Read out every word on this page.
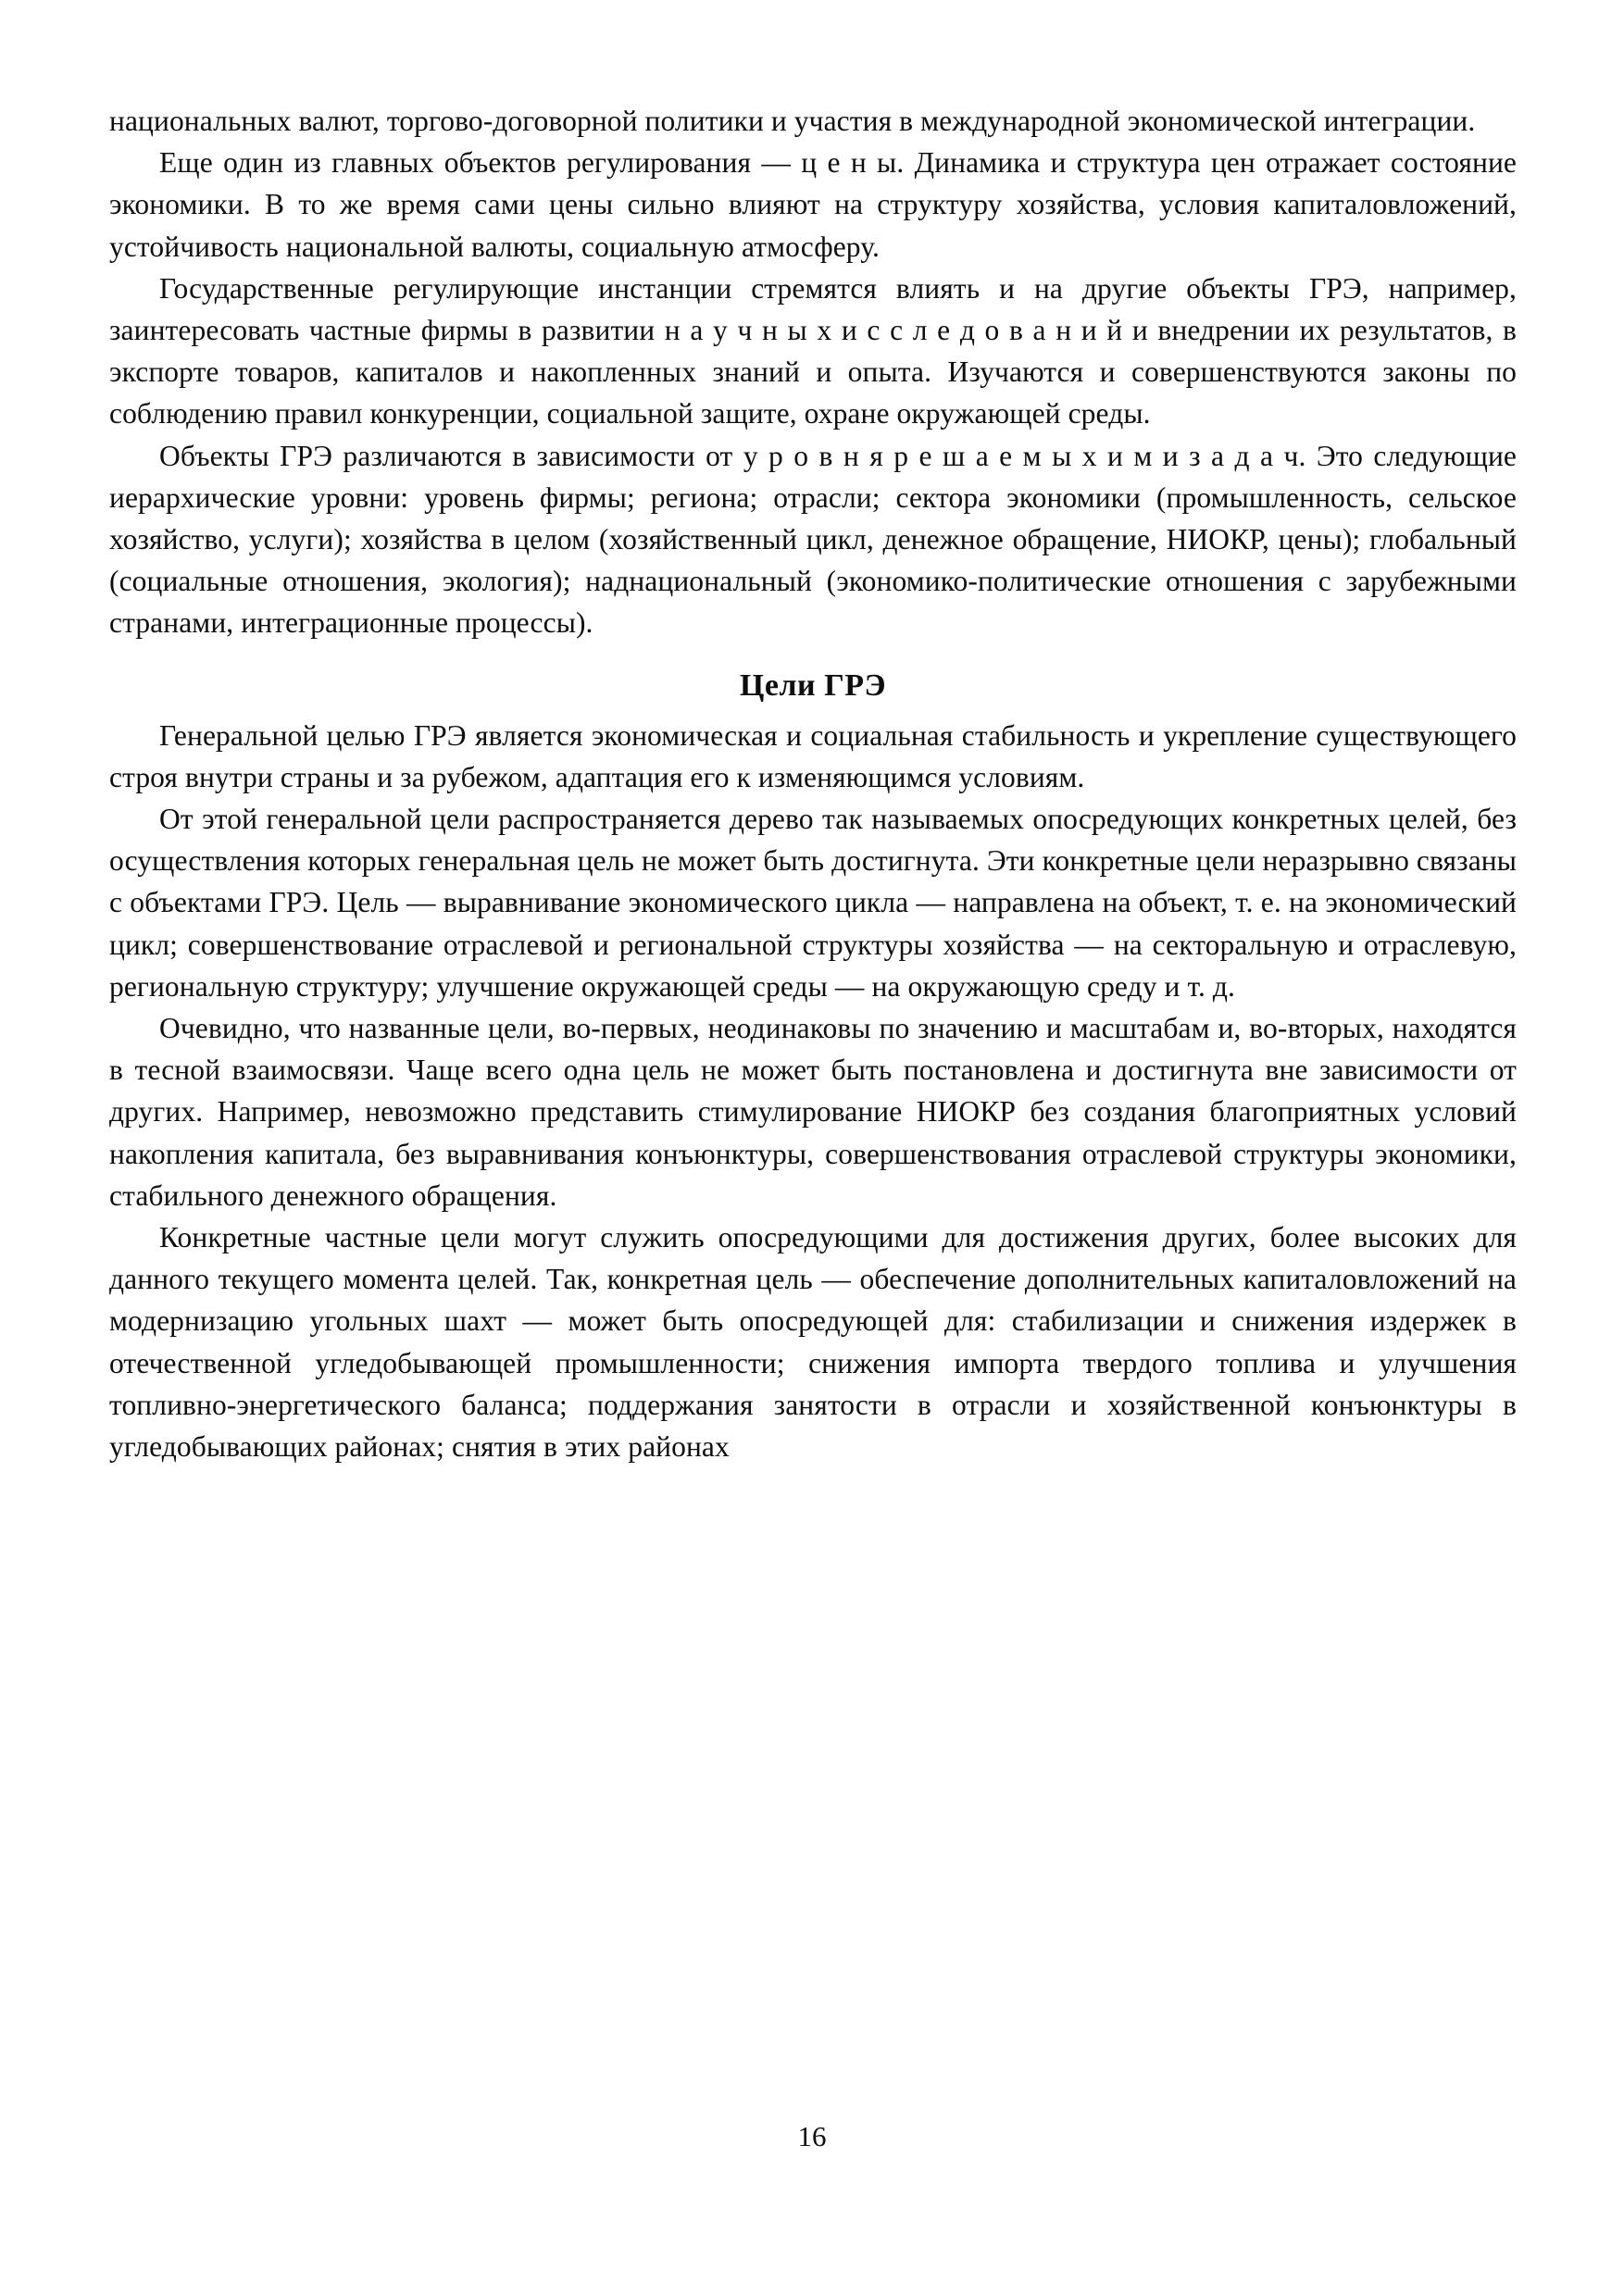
национальных валют, торгово-договорной политики и участия в международной экономической интеграции.

Еще один из главных объектов регулирования — ц е н ы. Динамика и структура цен отражает состояние экономики. В то же время сами цены сильно влияют на структуру хозяйства, условия капиталовложений, устойчивость национальной валюты, социальную атмосферу.

Государственные регулирующие инстанции стремятся влиять и на другие объекты ГРЭ, например, заинтересовать частные фирмы в развитии н а у ч н ы х и с с л е д о в а н и й и внедрении их результатов, в экспорте товаров, капиталов и накопленных знаний и опыта. Изучаются и совершенствуются законы по соблюдению правил конкуренции, социальной защите, охране окружающей среды.

Объекты ГРЭ различаются в зависимости от у р о в н я р е ш а е м ы х и м и з а д а ч. Это следующие иерархические уровни: уровень фирмы; региона; отрасли; сектора экономики (промышленность, сельское хозяйство, услуги); хозяйства в целом (хозяйственный цикл, денежное обращение, НИОКР, цены); глобальный (социальные отношения, экология); наднациональный (экономико-политические отношения с зарубежными странами, интеграционные процессы).

Цели ГРЭ

Генеральной целью ГРЭ является экономическая и социальная стабильность и укрепление существующего строя внутри страны и за рубежом, адаптация его к изменяющимся условиям.

От этой генеральной цели распространяется дерево так называемых опосредующих конкретных целей, без осуществления которых генеральная цель не может быть достигнута. Эти конкретные цели неразрывно связаны с объектами ГРЭ. Цель — выравнивание экономического цикла — направлена на объект, т. е. на экономический цикл; совершенствование отраслевой и региональной структуры хозяйства — на секторальную и отраслевую, региональную структуру; улучшение окружающей среды — на окружающую среду и т. д.

Очевидно, что названные цели, во-первых, неодинаковы по значению и масштабам и, во-вторых, находятся в тесной взаимосвязи. Чаще всего одна цель не может быть постановлена и достигнута вне зависимости от других. Например, невозможно представить стимулирование НИОКР без создания благоприятных условий накопления капитала, без выравнивания конъюнктуры, совершенствования отраслевой структуры экономики, стабильного денежного обращения.

Конкретные частные цели могут служить опосредующими для достижения других, более высоких для данного текущего момента целей. Так, конкретная цель — обеспечение дополнительных капиталовложений на модернизацию угольных шахт — может быть опосредующей для: стабилизации и снижения издержек в отечественной угледобывающей промышленности; снижения импорта твердого топлива и улучшения топливно-энергетического баланса; поддержания занятости в отрасли и хозяйственной конъюнктуры в угледобывающих районах; снятия в этих районах

16
